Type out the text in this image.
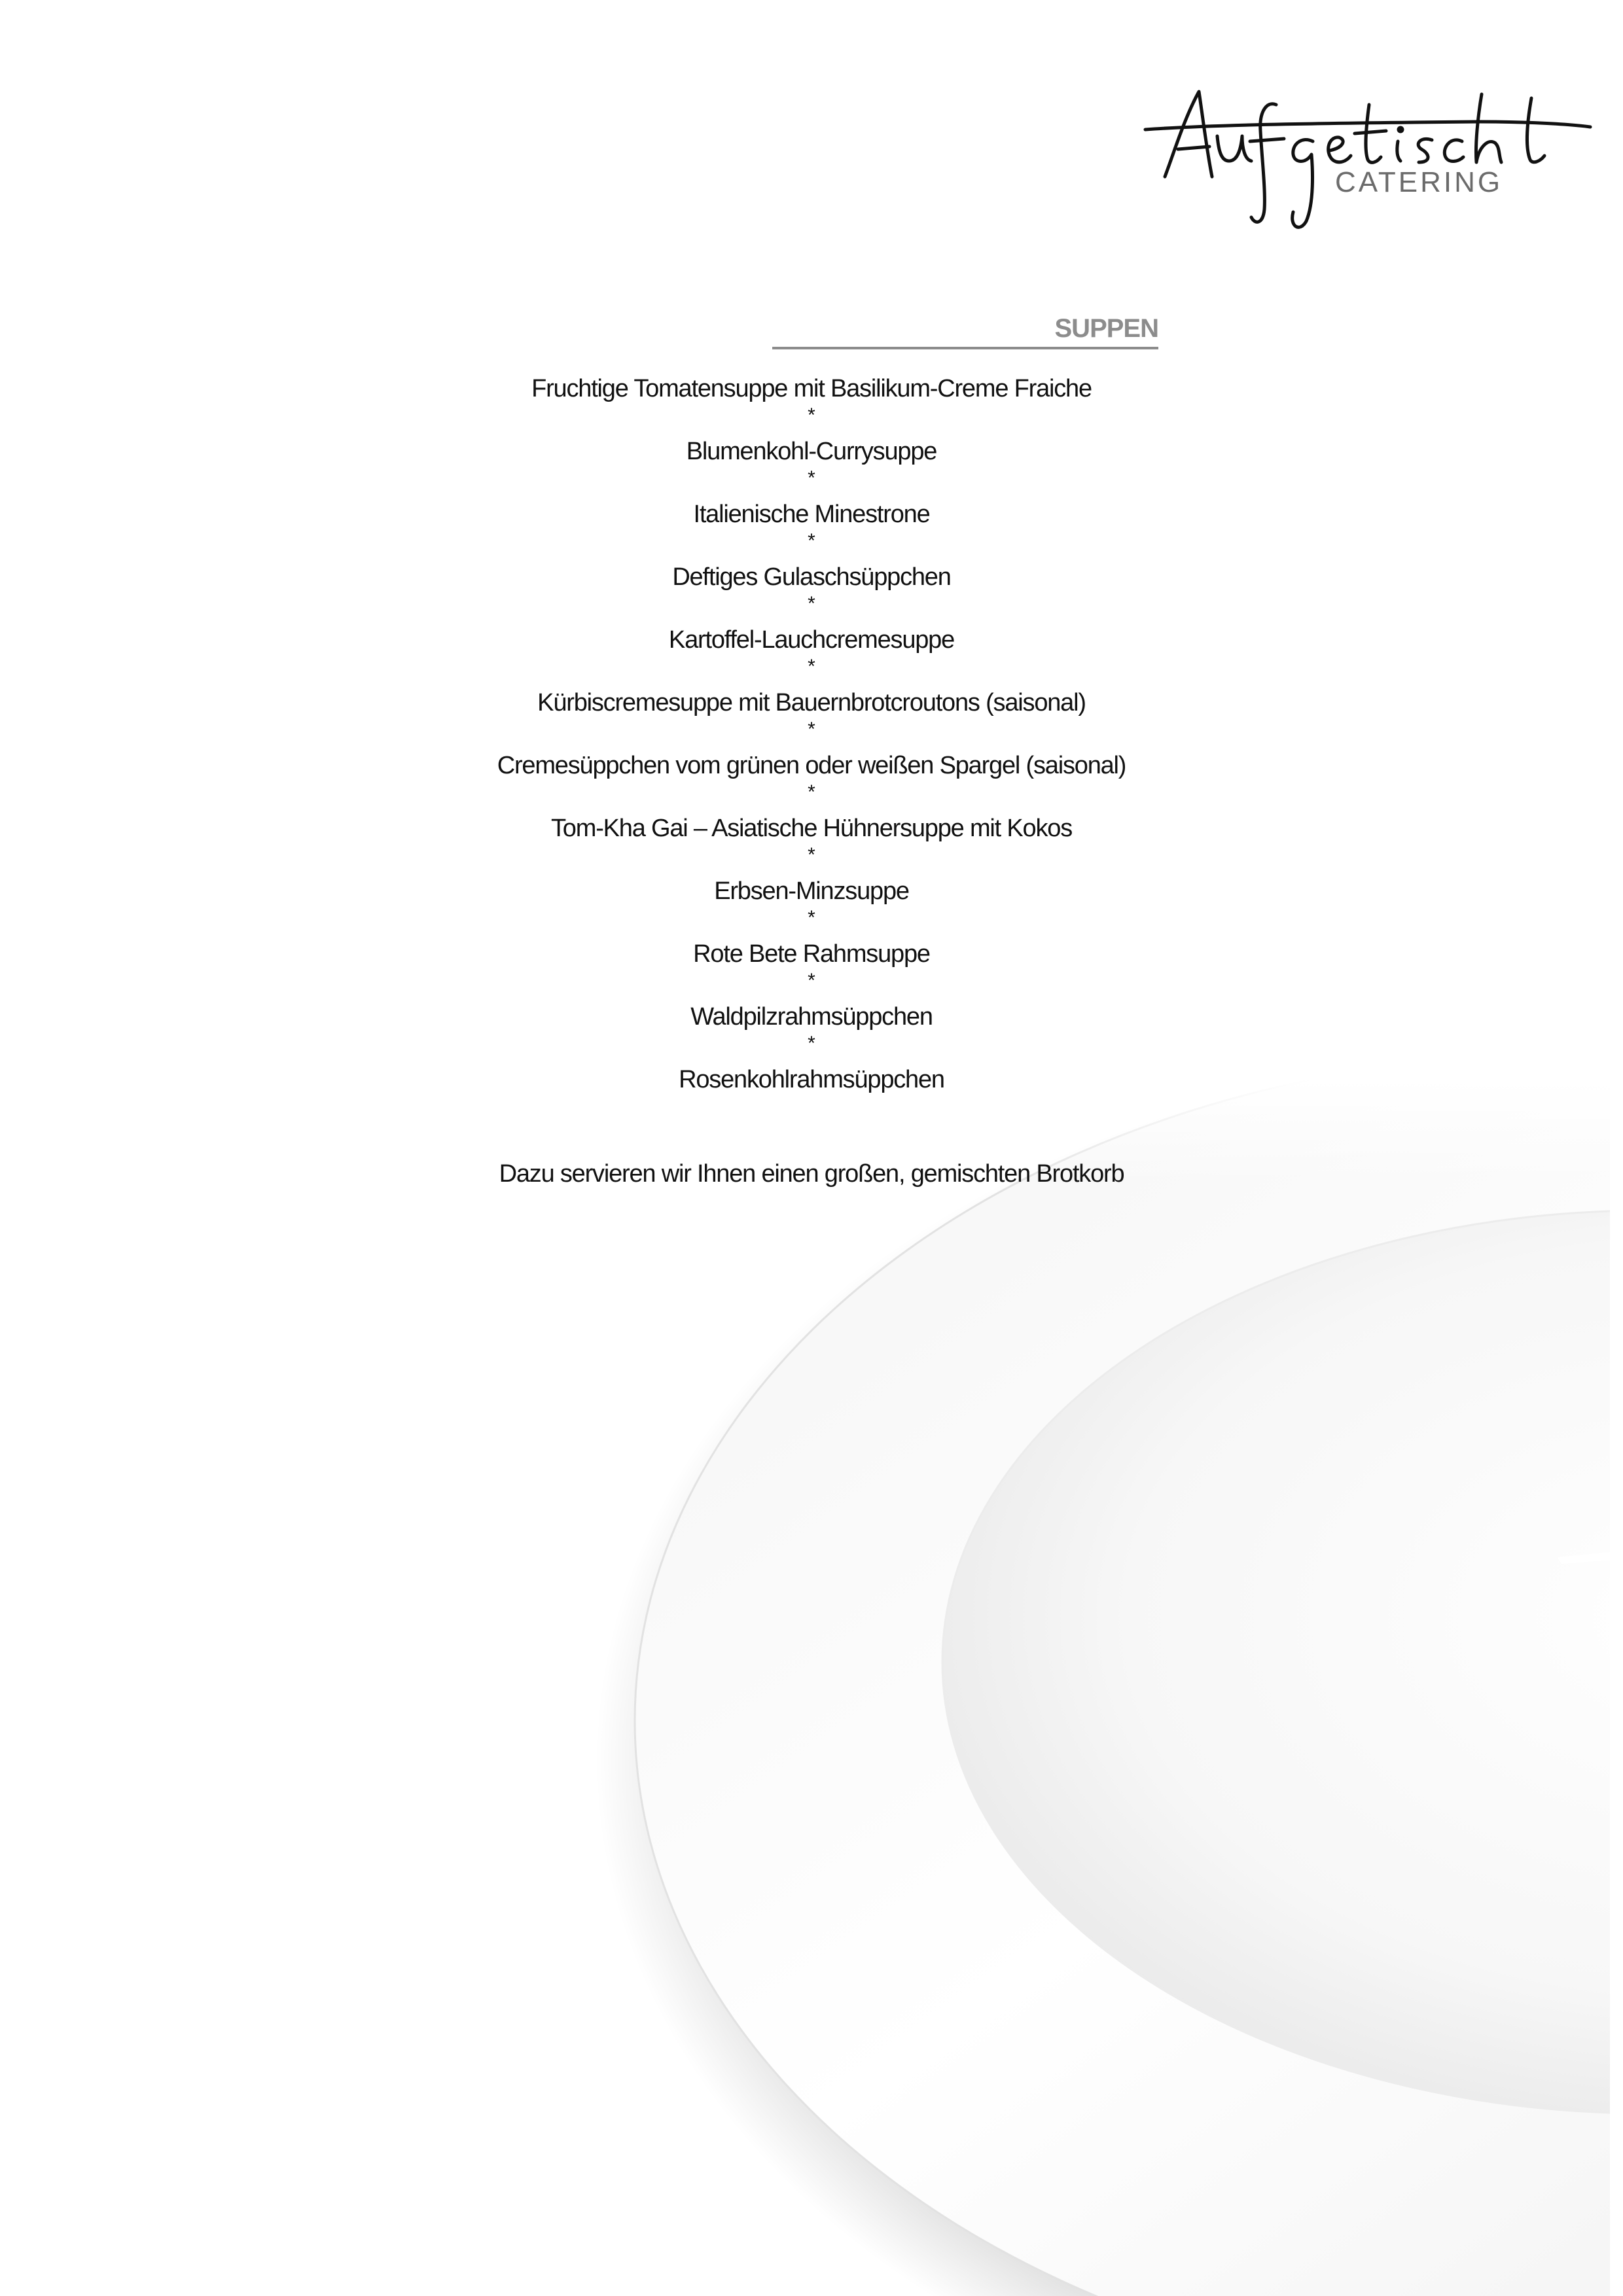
CATERING
SUPPEN
Fruchtige Tomatensuppe mit Basilikum-Creme Fraiche
*
Blumenkohl-Currysuppe
*
Italienische Minestrone
*
Deftiges Gulaschsüppchen
*
Kartoffel-Lauchcremesuppe
*
Kürbiscremesuppe mit Bauernbrotcroutons (saisonal)
*
Cremesüppchen vom grünen oder weißen Spargel (saisonal)
*
Tom-Kha Gai – Asiatische Hühnersuppe mit Kokos
*
Erbsen-Minzsuppe
*
Rote Bete Rahmsuppe
*
Waldpilzrahmsüppchen
*
Rosenkohlrahmsüppchen
Dazu servieren wir Ihnen einen großen, gemischten Brotkorb
